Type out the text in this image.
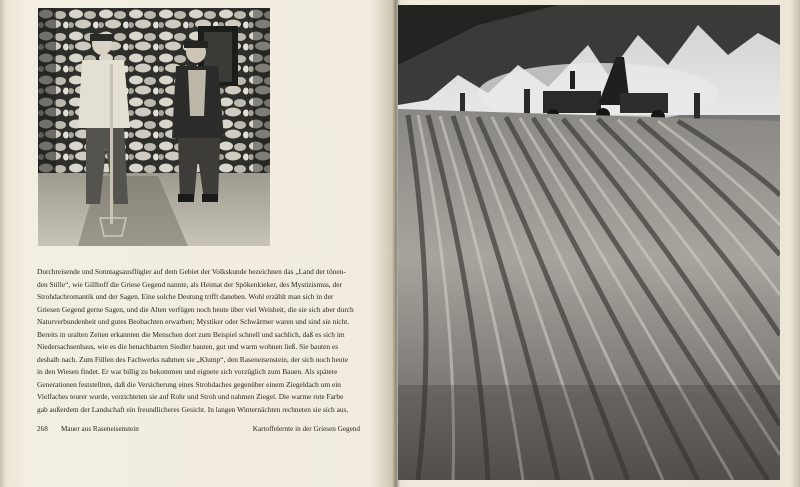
Durchreisende und Sonntagsausflügler auf dem Gebiet der Volkskunde bezeichnen das „Land der tönen-

den Stille“, wie Gillhoff die Griese Gegend nannte, als Heimat der Spökenkieker, des Mystizismus, der

Strohdachromantik und der Sagen. Eine solche Deutung trifft daneben. Wohl erzählt man sich in der

Griesen Gegend gerne Sagen, und die Alten verfügen noch heute über viel Weisheit, die sie sich aber durch

Naturverbundenheit und gutes Beobachten erwarben; Mystiker oder Schwärmer waren und sind sie nicht.

Bereits in uralten Zeiten erkannten die Menschen dort zum Beispiel schnell und sachlich, daß es sich im

Niedersachsenhaus, wie es die benachbarten Siedler bauten, gut und warm wohnen ließ. Sie bauten es

deshalb nach. Zum Füllen des Fachwerks nahmen sie „Klump“, den Raseneisenstein, der sich noch heute

in den Wiesen findet. Er war billig zu bekommen und eignete sich vorzüglich zum Bauen. Als spätere

Generationen feststellten, daß die Versicherung eines Strohdaches gegenüber einem Ziegeldach um ein

Vielfaches teurer wurde, verzichteten sie auf Rohr und Stroh und nahmen Ziegel. Die warme rote Farbe

gab außerdem der Landschaft ein freundlicheres Gesicht. In langen Winternächten rechneten sie sich aus,

268 Mauer aus Raseneisenstein	Kartoffelernte in der Griesen Gegend
